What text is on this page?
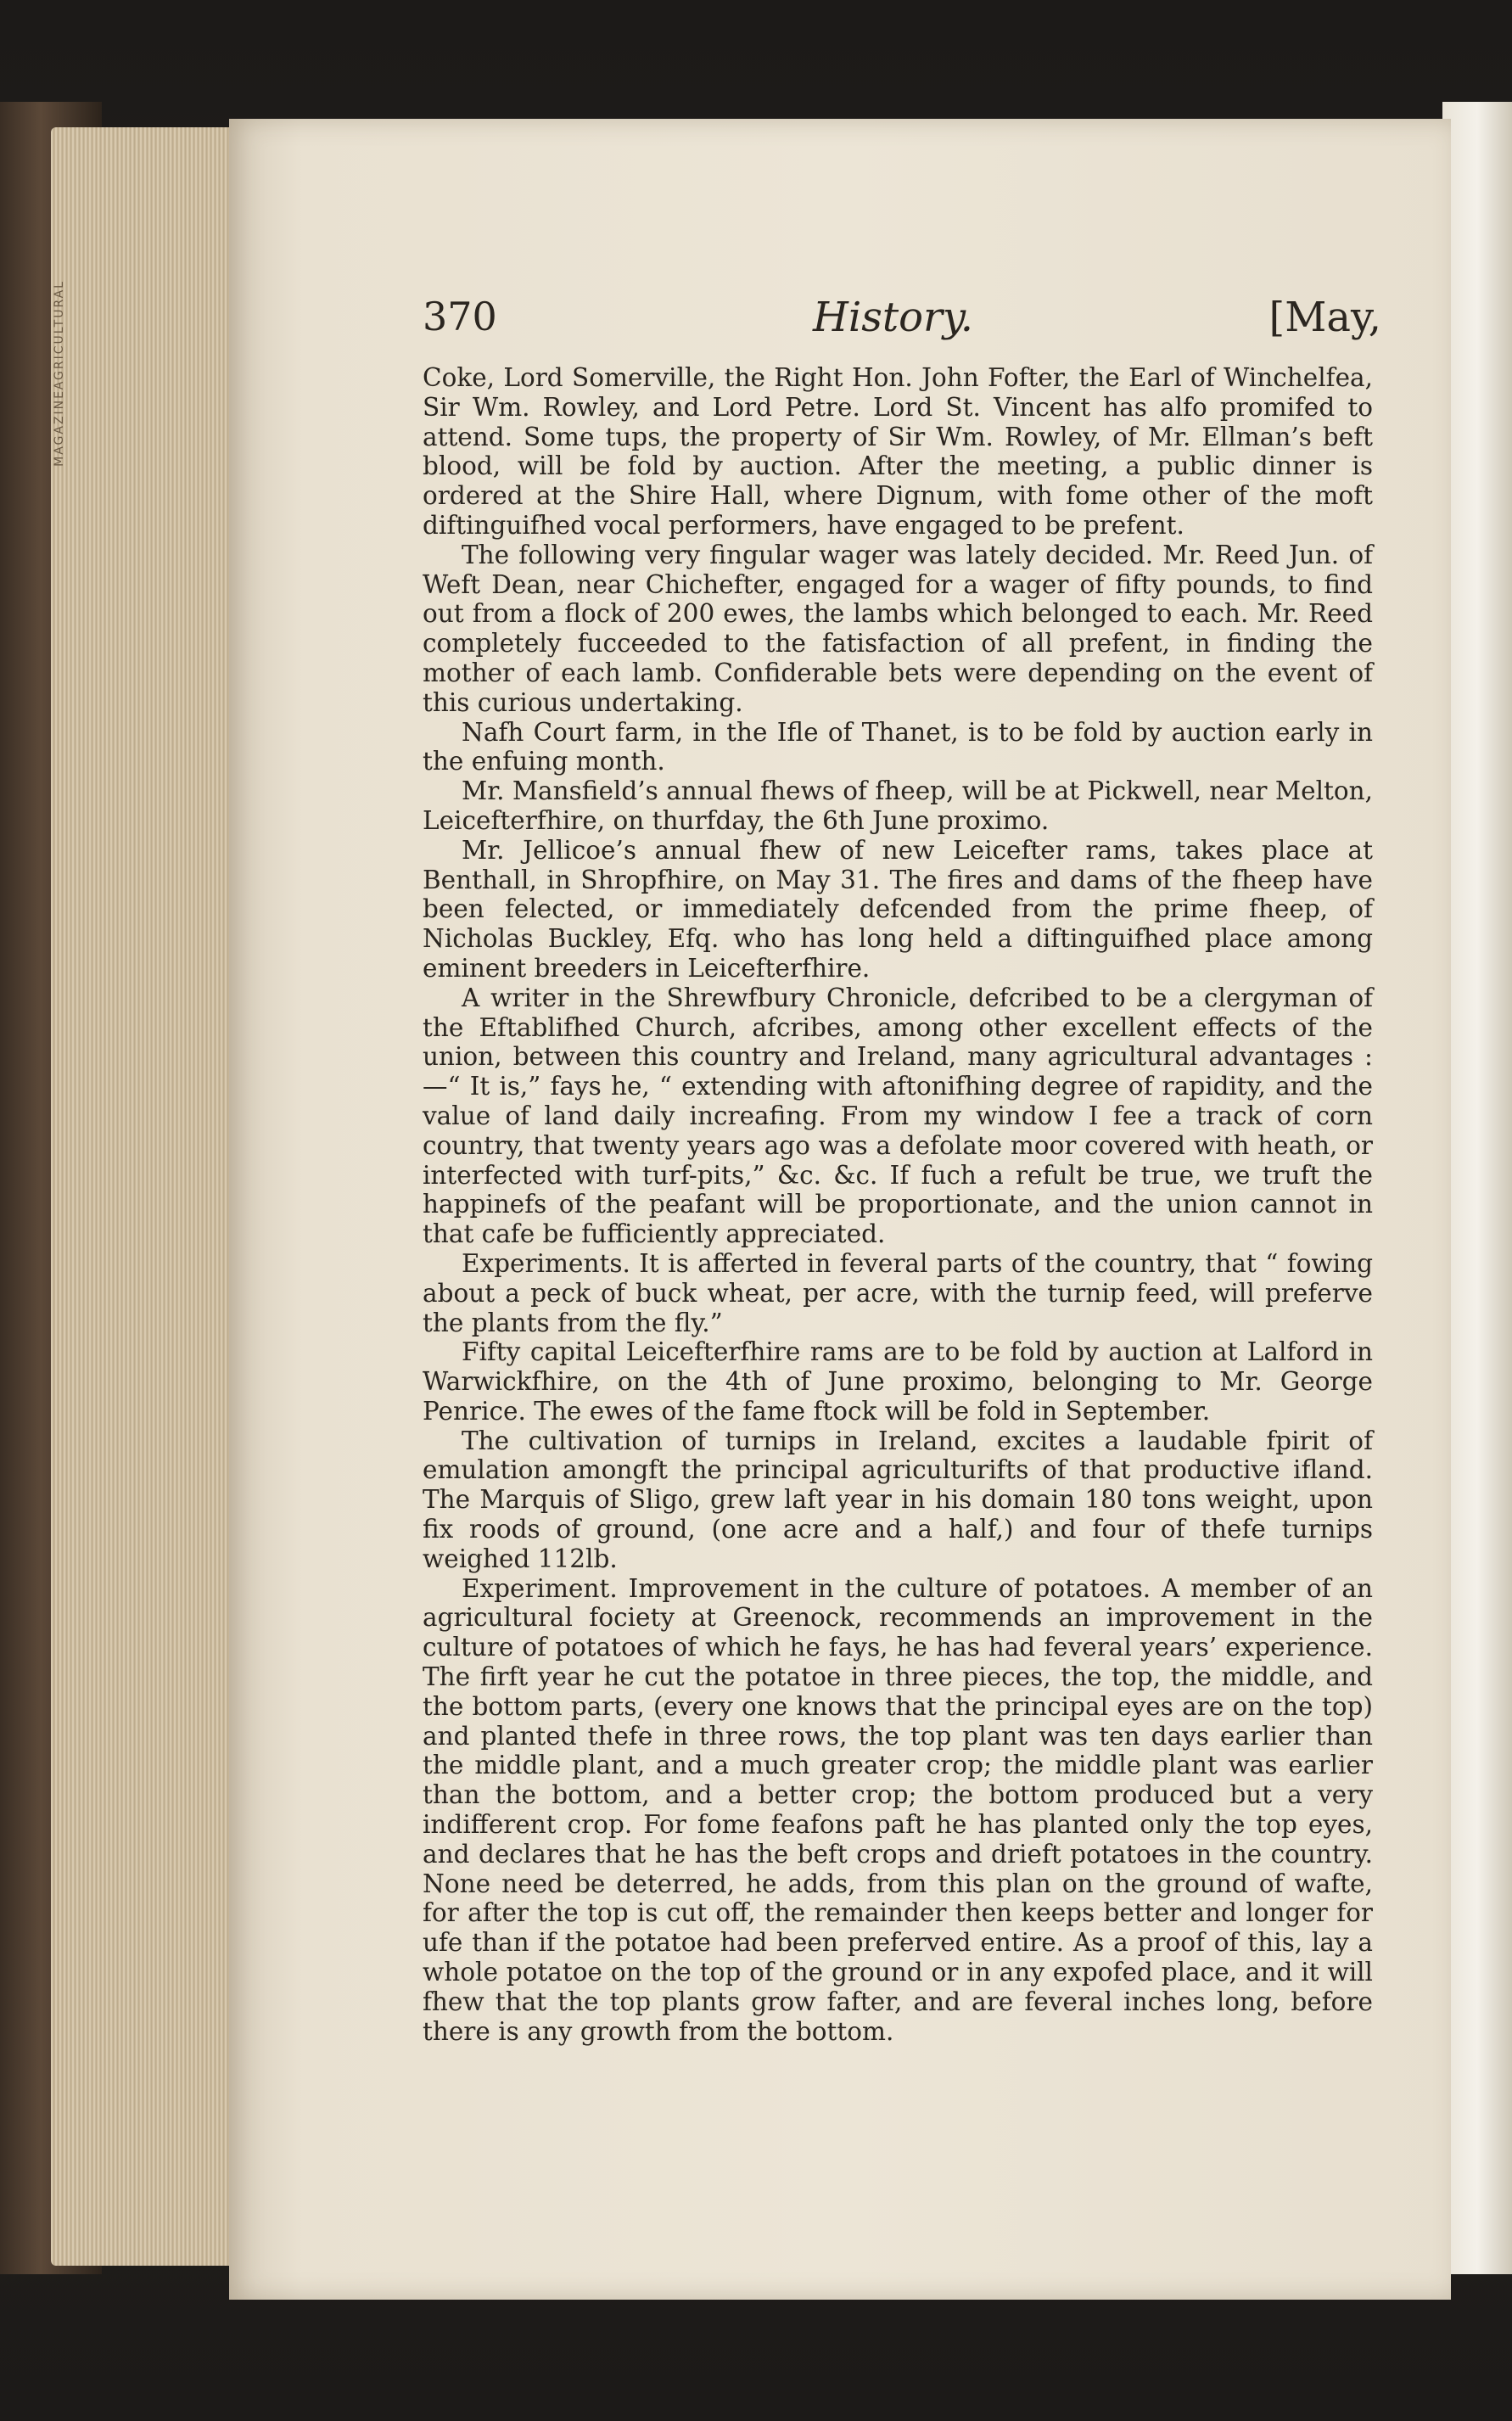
AGRICULTURAL
MAGAZINE
370	History.	[May,

Coke, Lord Somerville, the Right Hon. John Fofter, the Earl of Winchelfea, Sir Wm. Rowley, and Lord Petre. Lord St. Vincent has alfo promifed to attend. Some tups, the property of Sir Wm. Rowley, of Mr. Ellman’s beft blood, will be fold by auction. After the meeting, a public dinner is ordered at the Shire Hall, where Dignum, with fome other of the moft diftinguifhed vocal performers, have engaged to be prefent.

The following very fingular wager was lately decided. Mr. Reed Jun. of Weft Dean, near Chichefter, engaged for a wager of fifty pounds, to find out from a flock of 200 ewes, the lambs which belonged to each. Mr. Reed completely fucceeded to the fatisfaction of all prefent, in finding the mother of each lamb. Confiderable bets were depending on the event of this curious undertaking.

Nafh Court farm, in the Ifle of Thanet, is to be fold by auction early in the enfuing month.

Mr. Mansfield’s annual fhews of fheep, will be at Pickwell, near Melton, Leicefterfhire, on thurfday, the 6th June proximo.

Mr. Jellicoe’s annual fhew of new Leicefter rams, takes place at Benthall, in Shropfhire, on May 31. The fires and dams of the fheep have been felected, or immediately defcended from the prime fheep, of Nicholas Buckley, Efq. who has long held a diftinguifhed place among eminent breeders in Leicefterfhire.

A writer in the Shrewfbury Chronicle, defcribed to be a clergyman of the Eftablifhed Church, afcribes, among other excellent effects of the union, between this country and Ireland, many agricultural advantages :—“ It is,” fays he, “ extending with aftonifhing degree of rapidity, and the value of land daily increafing. From my window I fee a track of corn country, that twenty years ago was a defolate moor covered with heath, or interfected with turf-pits,” &c. &c. If fuch a refult be true, we truft the happinefs of the peafant will be proportionate, and the union cannot in that cafe be fufficiently appreciated.

Experiments. It is afferted in feveral parts of the country, that “ fowing about a peck of buck wheat, per acre, with the turnip feed, will preferve the plants from the fly.”

Fifty capital Leicefterfhire rams are to be fold by auction at Lalford in Warwickfhire, on the 4th of June proximo, belonging to Mr. George Penrice. The ewes of the fame ftock will be fold in September.

The cultivation of turnips in Ireland, excites a laudable fpirit of emulation amongft the principal agriculturifts of that productive ifland. The Marquis of Sligo, grew laft year in his domain 180 tons weight, upon fix roods of ground, (one acre and a half,) and four of thefe turnips weighed 112lb.

Experiment. Improvement in the culture of potatoes. A member of an agricultural fociety at Greenock, recommends an improvement in the culture of potatoes of which he fays, he has had feveral years’ experience. The firft year he cut the potatoe in three pieces, the top, the middle, and the bottom parts, (every one knows that the principal eyes are on the top) and planted thefe in three rows, the top plant was ten days earlier than the middle plant, and a much greater crop; the middle plant was earlier than the bottom, and a better crop; the bottom produced but a very indifferent crop. For fome feafons paft he has planted only the top eyes, and declares that he has the beft crops and drieft potatoes in the country. None need be deterred, he adds, from this plan on the ground of wafte, for after the top is cut off, the remainder then keeps better and longer for ufe than if the potatoe had been preferved entire. As a proof of this, lay a whole potatoe on the top of the ground or in any expofed place, and it will fhew that the top plants grow fafter, and are feveral inches long, before there is any growth from the bottom.
